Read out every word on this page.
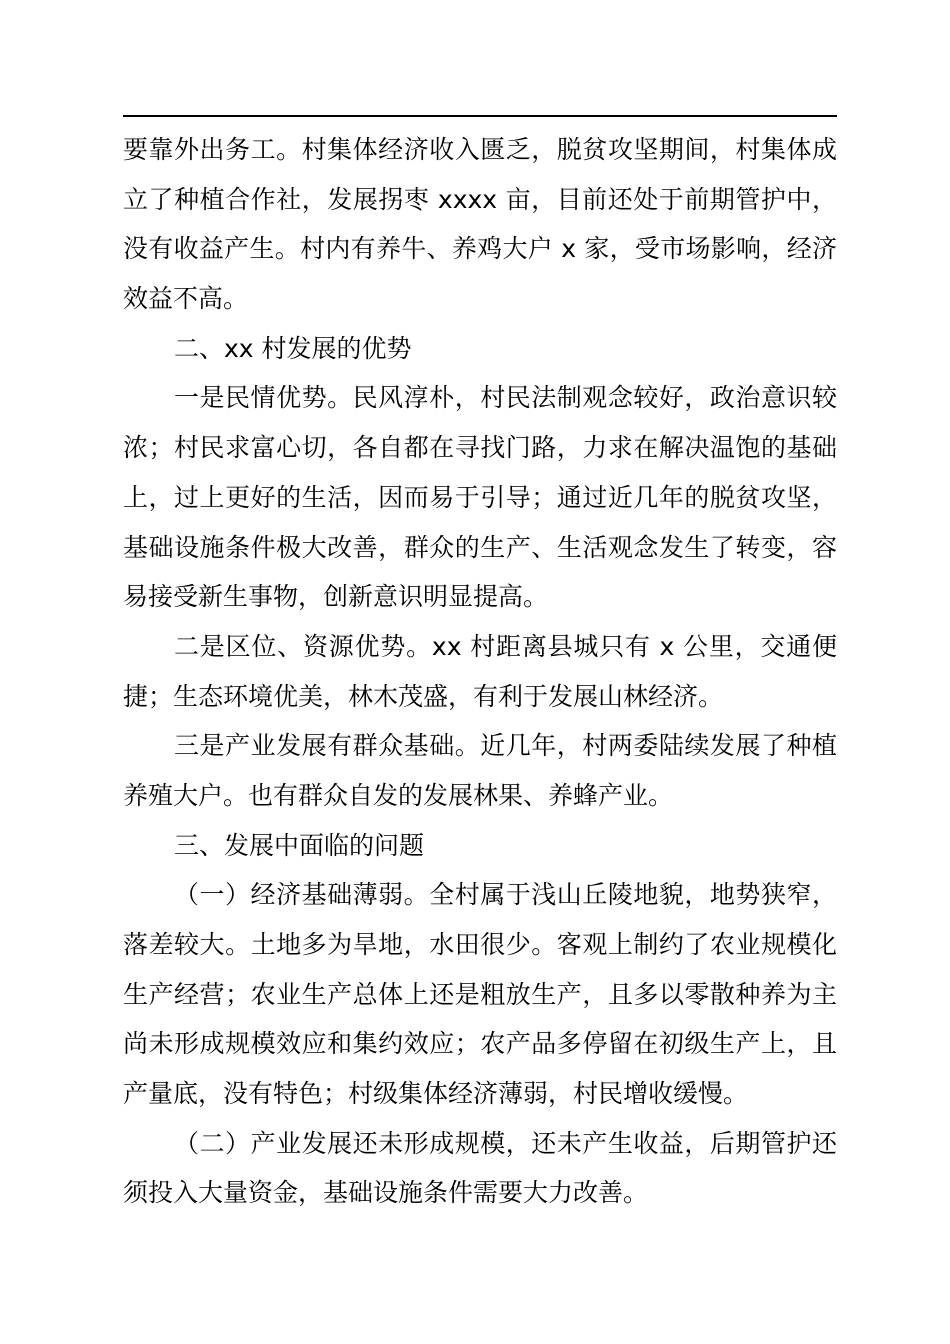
要靠外出务工。村集体经济收入匮乏，脱贫攻坚期间，村集体成
立了种植合作社，发展拐枣 xxxx 亩，目前还处于前期管护中，
没有收益产生。村内有养牛、养鸡大户 x 家，受市场影响，经济
效益不高。
二、xx 村发展的优势
一是民情优势。民风淳朴，村民法制观念较好，政治意识较
浓；村民求富心切，各自都在寻找门路，力求在解决温饱的基础
上，过上更好的生活，因而易于引导；通过近几年的脱贫攻坚，
基础设施条件极大改善，群众的生产、生活观念发生了转变，容
易接受新生事物，创新意识明显提高。
二是区位、资源优势。xx 村距离县城只有 x 公里，交通便
捷；生态环境优美，林木茂盛，有利于发展山林经济。
三是产业发展有群众基础。近几年，村两委陆续发展了种植
养殖大户。也有群众自发的发展林果、养蜂产业。
三、发展中面临的问题
（一）经济基础薄弱。全村属于浅山丘陵地貌，地势狭窄，
落差较大。土地多为旱地，水田很少。客观上制约了农业规模化
生产经营；农业生产总体上还是粗放生产，且多以零散种养为主
尚未形成规模效应和集约效应；农产品多停留在初级生产上，且
产量底，没有特色；村级集体经济薄弱，村民增收缓慢。
（二）产业发展还未形成规模，还未产生收益，后期管护还
须投入大量资金，基础设施条件需要大力改善。
